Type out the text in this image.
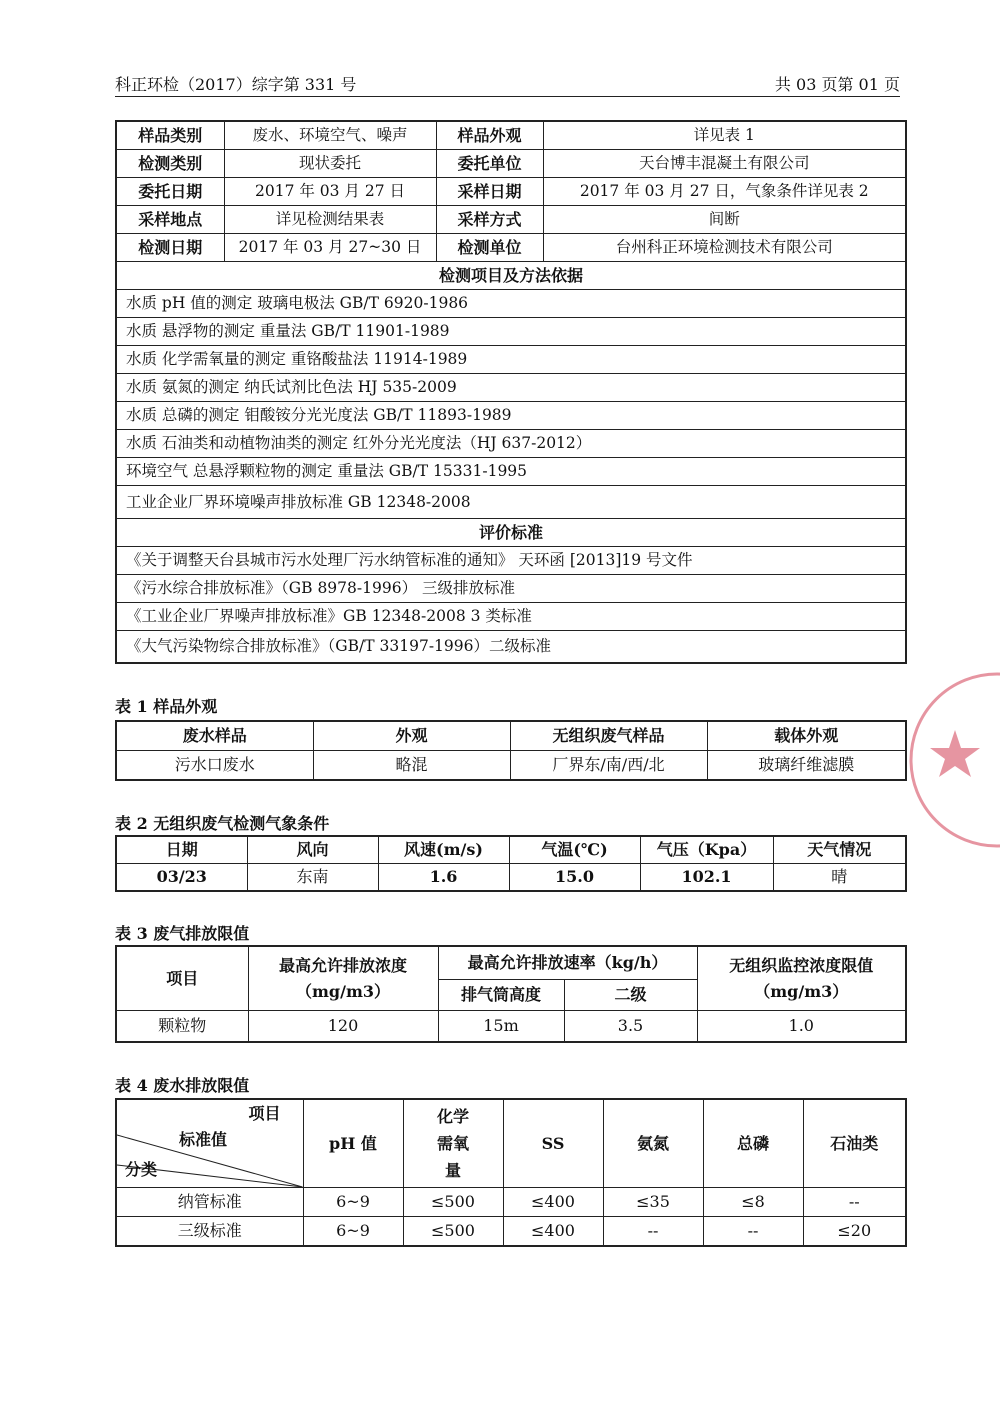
科正环检（2017）综字第 331 号	共 03 页第 01 页
样品类别	废水、环境空气、噪声	样品外观	详见表 1
检测类别	现状委托	委托单位	天台博丰混凝土有限公司
委托日期	2017 年 03 月 27 日	采样日期	2017 年 03 月 27 日，气象条件详见表 2
采样地点	详见检测结果表	采样方式	间断
检测日期	2017 年 03 月 27~30 日	检测单位	台州科正环境检测技术有限公司
检测项目及方法依据			
水质 pH 值的测定 玻璃电极法 GB/T 6920-1986			
水质 悬浮物的测定 重量法 GB/T 11901-1989			
水质 化学需氧量的测定 重铬酸盐法 11914-1989			
水质 氨氮的测定 纳氏试剂比色法 HJ 535-2009			
水质 总磷的测定 钼酸铵分光光度法 GB/T 11893-1989			
水质 石油类和动植物油类的测定 红外分光光度法（HJ 637-2012）			
环境空气 总悬浮颗粒物的测定 重量法 GB/T 15331-1995			
工业企业厂界环境噪声排放标准 GB 12348-2008			
评价标准			
《关于调整天台县城市污水处理厂污水纳管标准的通知》 天环函 [2013]19 号文件			
《污水综合排放标准》（GB 8978-1996） 三级排放标准			
《工业企业厂界噪声排放标准》GB 12348-2008 3 类标准			
《大气污染物综合排放标准》（GB/T 33197-1996）二级标准			
表 1 样品外观
废水样品	外观	无组织废气样品	载体外观
污水口废水	略混	厂界东/南/西/北	玻璃纤维滤膜
表 2 无组织废气检测气象条件
日期	风向	风速(m/s)	气温(℃)	气压（Kpa）	天气情况
03/23	东南	1.6	15.0	102.1	晴
表 3 废气排放限值
项目	最高允许排放浓度（mg/m3）	最高允许排放速率（kg/h）		无组织监控浓度限值（mg/m3）
		排气筒高度	二级	
颗粒物	120	15m	3.5	1.0
表 4 废水排放限值
项目
标准值
分类	pH 值	化学需氧量	SS	氨氮	总磷	石油类
纳管标准	6~9	≤500	≤400	≤35	≤8	--
三级标准	6~9	≤500	≤400	--	--	≤20
